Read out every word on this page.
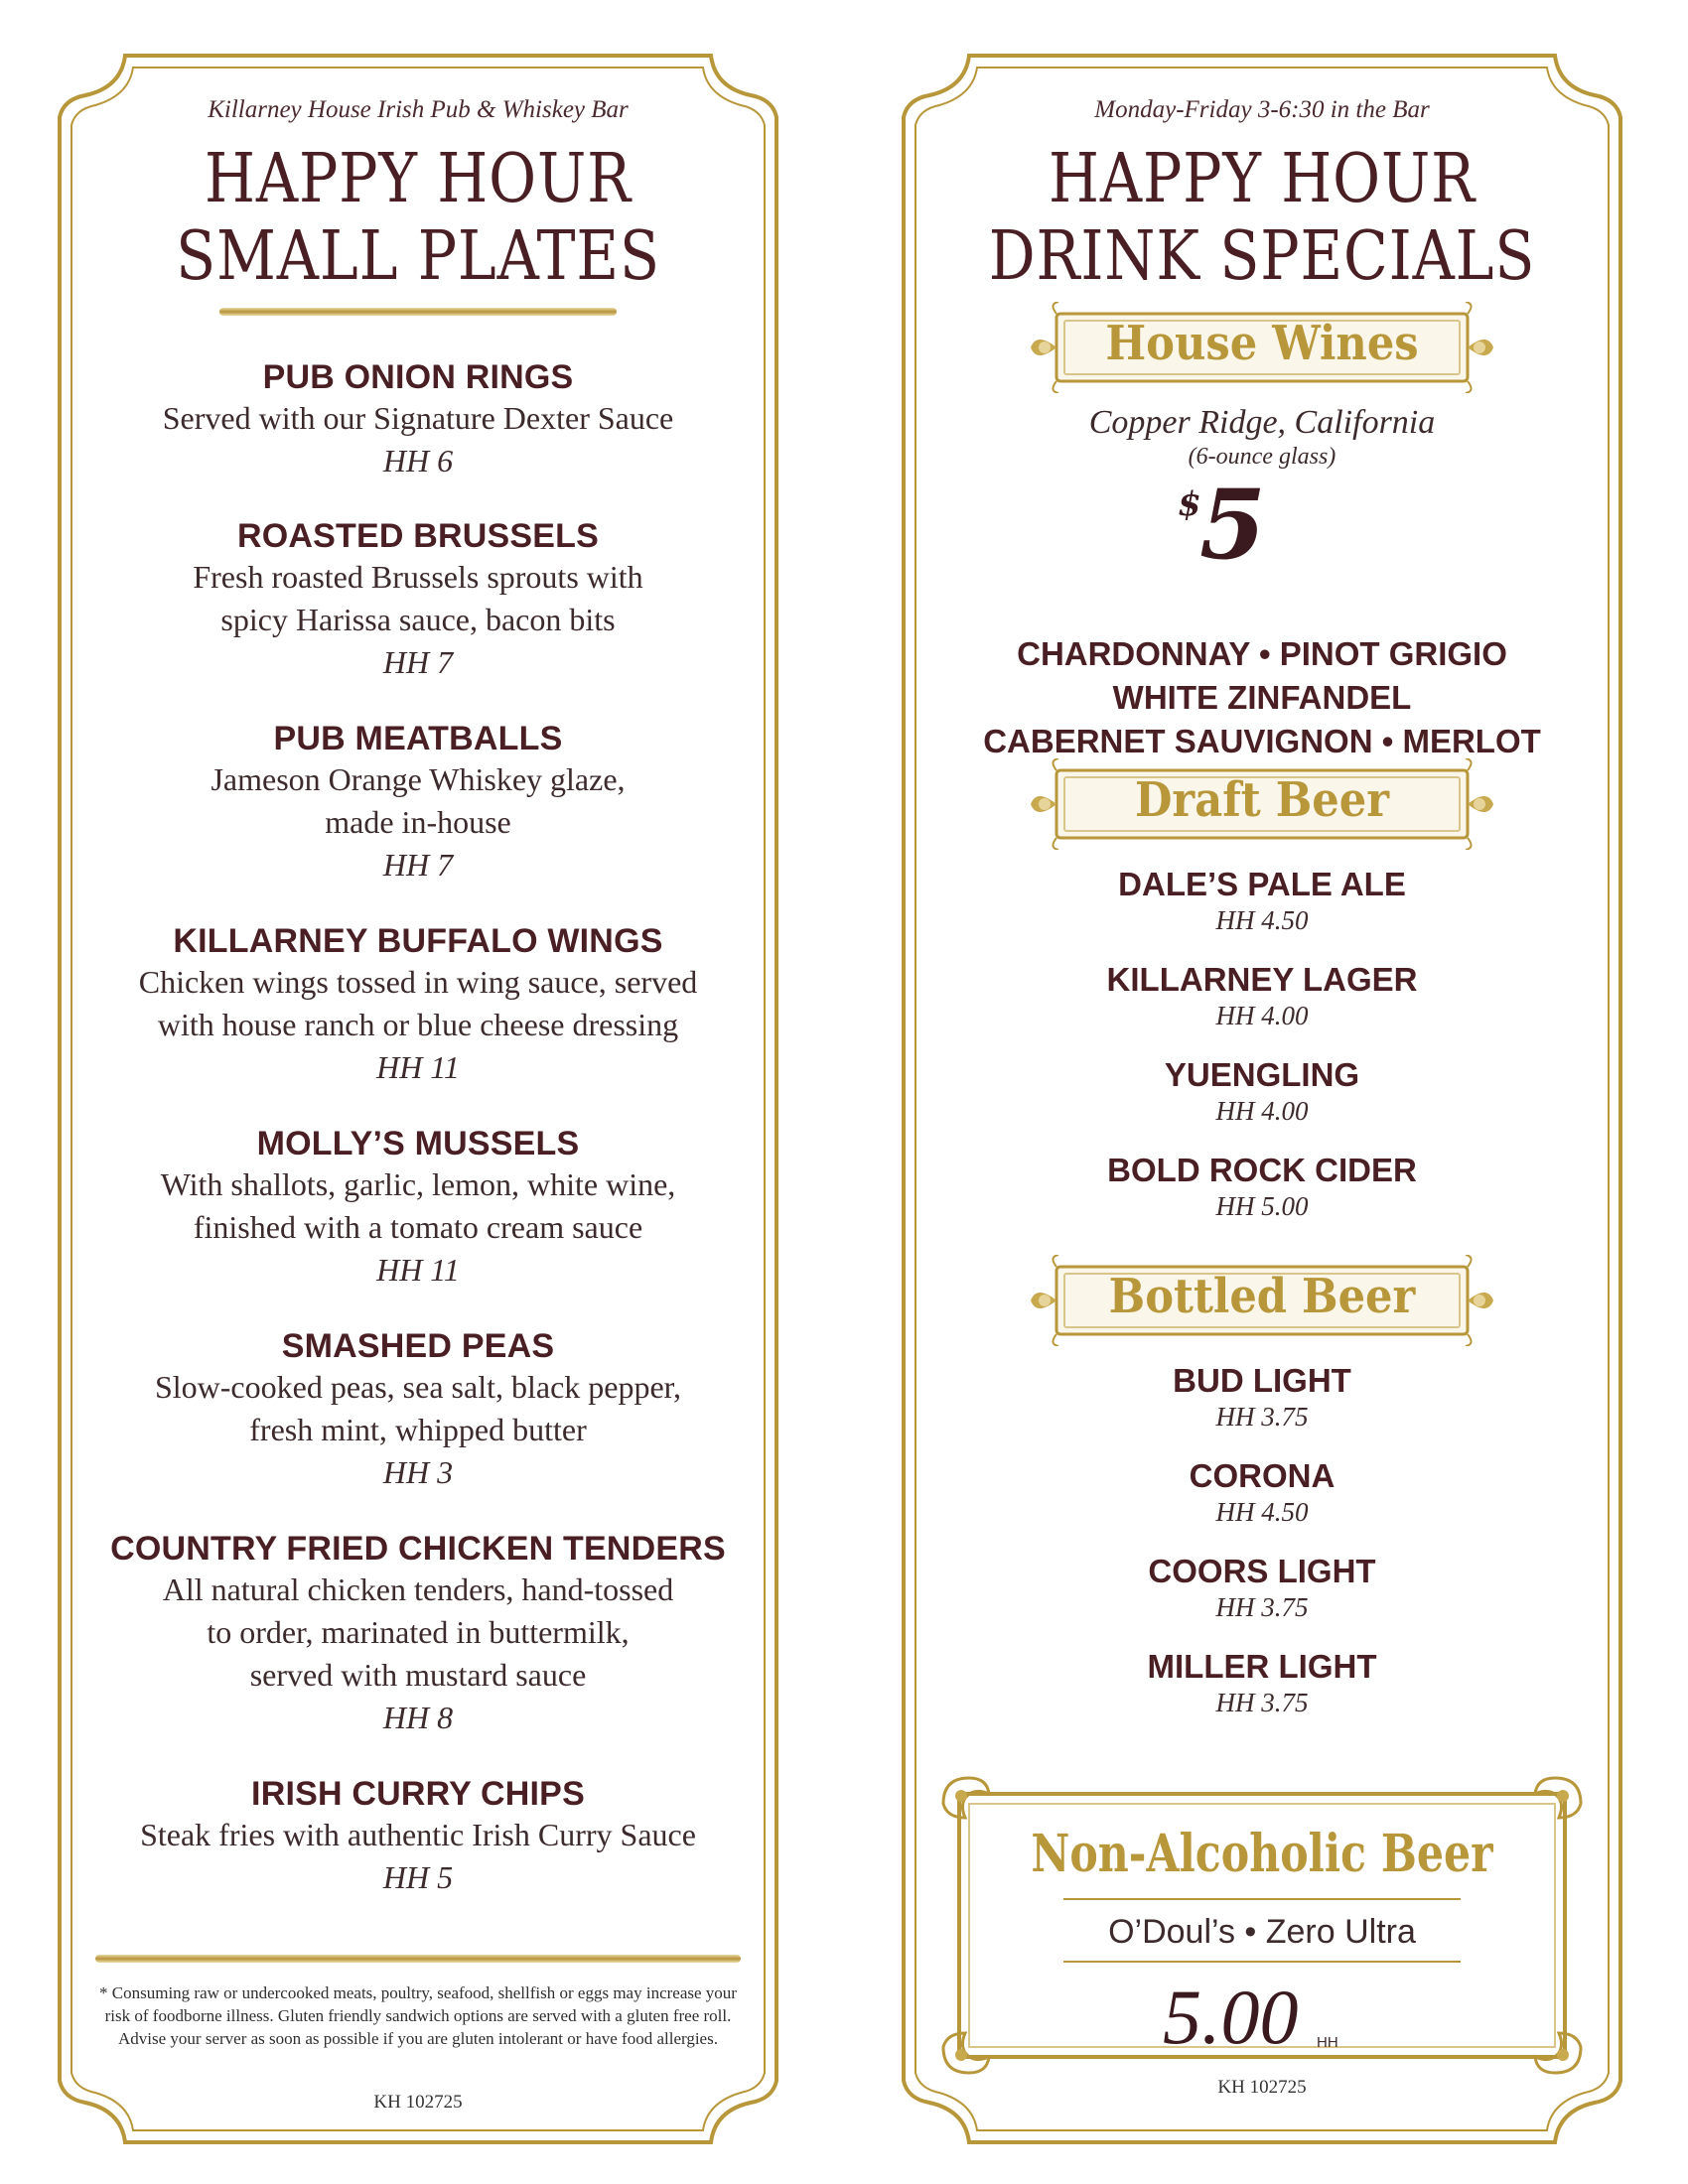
Killarney House Irish Pub & Whiskey Bar
HAPPY HOUR
SMALL PLATES
PUB ONION RINGS
Served with our Signature Dexter Sauce
HH 6
ROASTED BRUSSELS
Fresh roasted Brussels sprouts with
spicy Harissa sauce, bacon bits
HH 7
PUB MEATBALLS
Jameson Orange Whiskey glaze,
made in-house
HH 7
KILLARNEY BUFFALO WINGS
Chicken wings tossed in wing sauce, served
with house ranch or blue cheese dressing
HH 11
MOLLY’S MUSSELS
With shallots, garlic, lemon, white wine,
finished with a tomato cream sauce
HH 11
SMASHED PEAS
Slow-cooked peas, sea salt, black pepper,
fresh mint, whipped butter
HH 3
COUNTRY FRIED CHICKEN TENDERS
All natural chicken tenders, hand-tossed
to order, marinated in buttermilk,
served with mustard sauce
HH 8
IRISH CURRY CHIPS
Steak fries with authentic Irish Curry Sauce
HH 5
* Consuming raw or undercooked meats, poultry, seafood, shellfish or eggs may increase your risk of foodborne illness. Gluten friendly sandwich options are served with a gluten free roll. Advise your server as soon as possible if you are gluten intolerant or have food allergies.
KH 102725
Monday-Friday 3-6:30 in the Bar
HAPPY HOUR
DRINK SPECIALS
House Wines
Copper Ridge, California
(6-ounce glass)
$
5
CHARDONNAY • PINOT GRIGIO
WHITE ZINFANDEL
CABERNET SAUVIGNON • MERLOT
Draft Beer
DALE’S PALE ALE
HH 4.50
KILLARNEY LAGER
HH 4.00
YUENGLING
HH 4.00
BOLD ROCK CIDER
HH 5.00
Bottled Beer
BUD LIGHT
HH 3.75
CORONA
HH 4.50
COORS LIGHT
HH 3.75
MILLER LIGHT
HH 3.75
Non-Alcoholic Beer
O’Doul’s • Zero Ultra
5.00 HH
KH 102725
